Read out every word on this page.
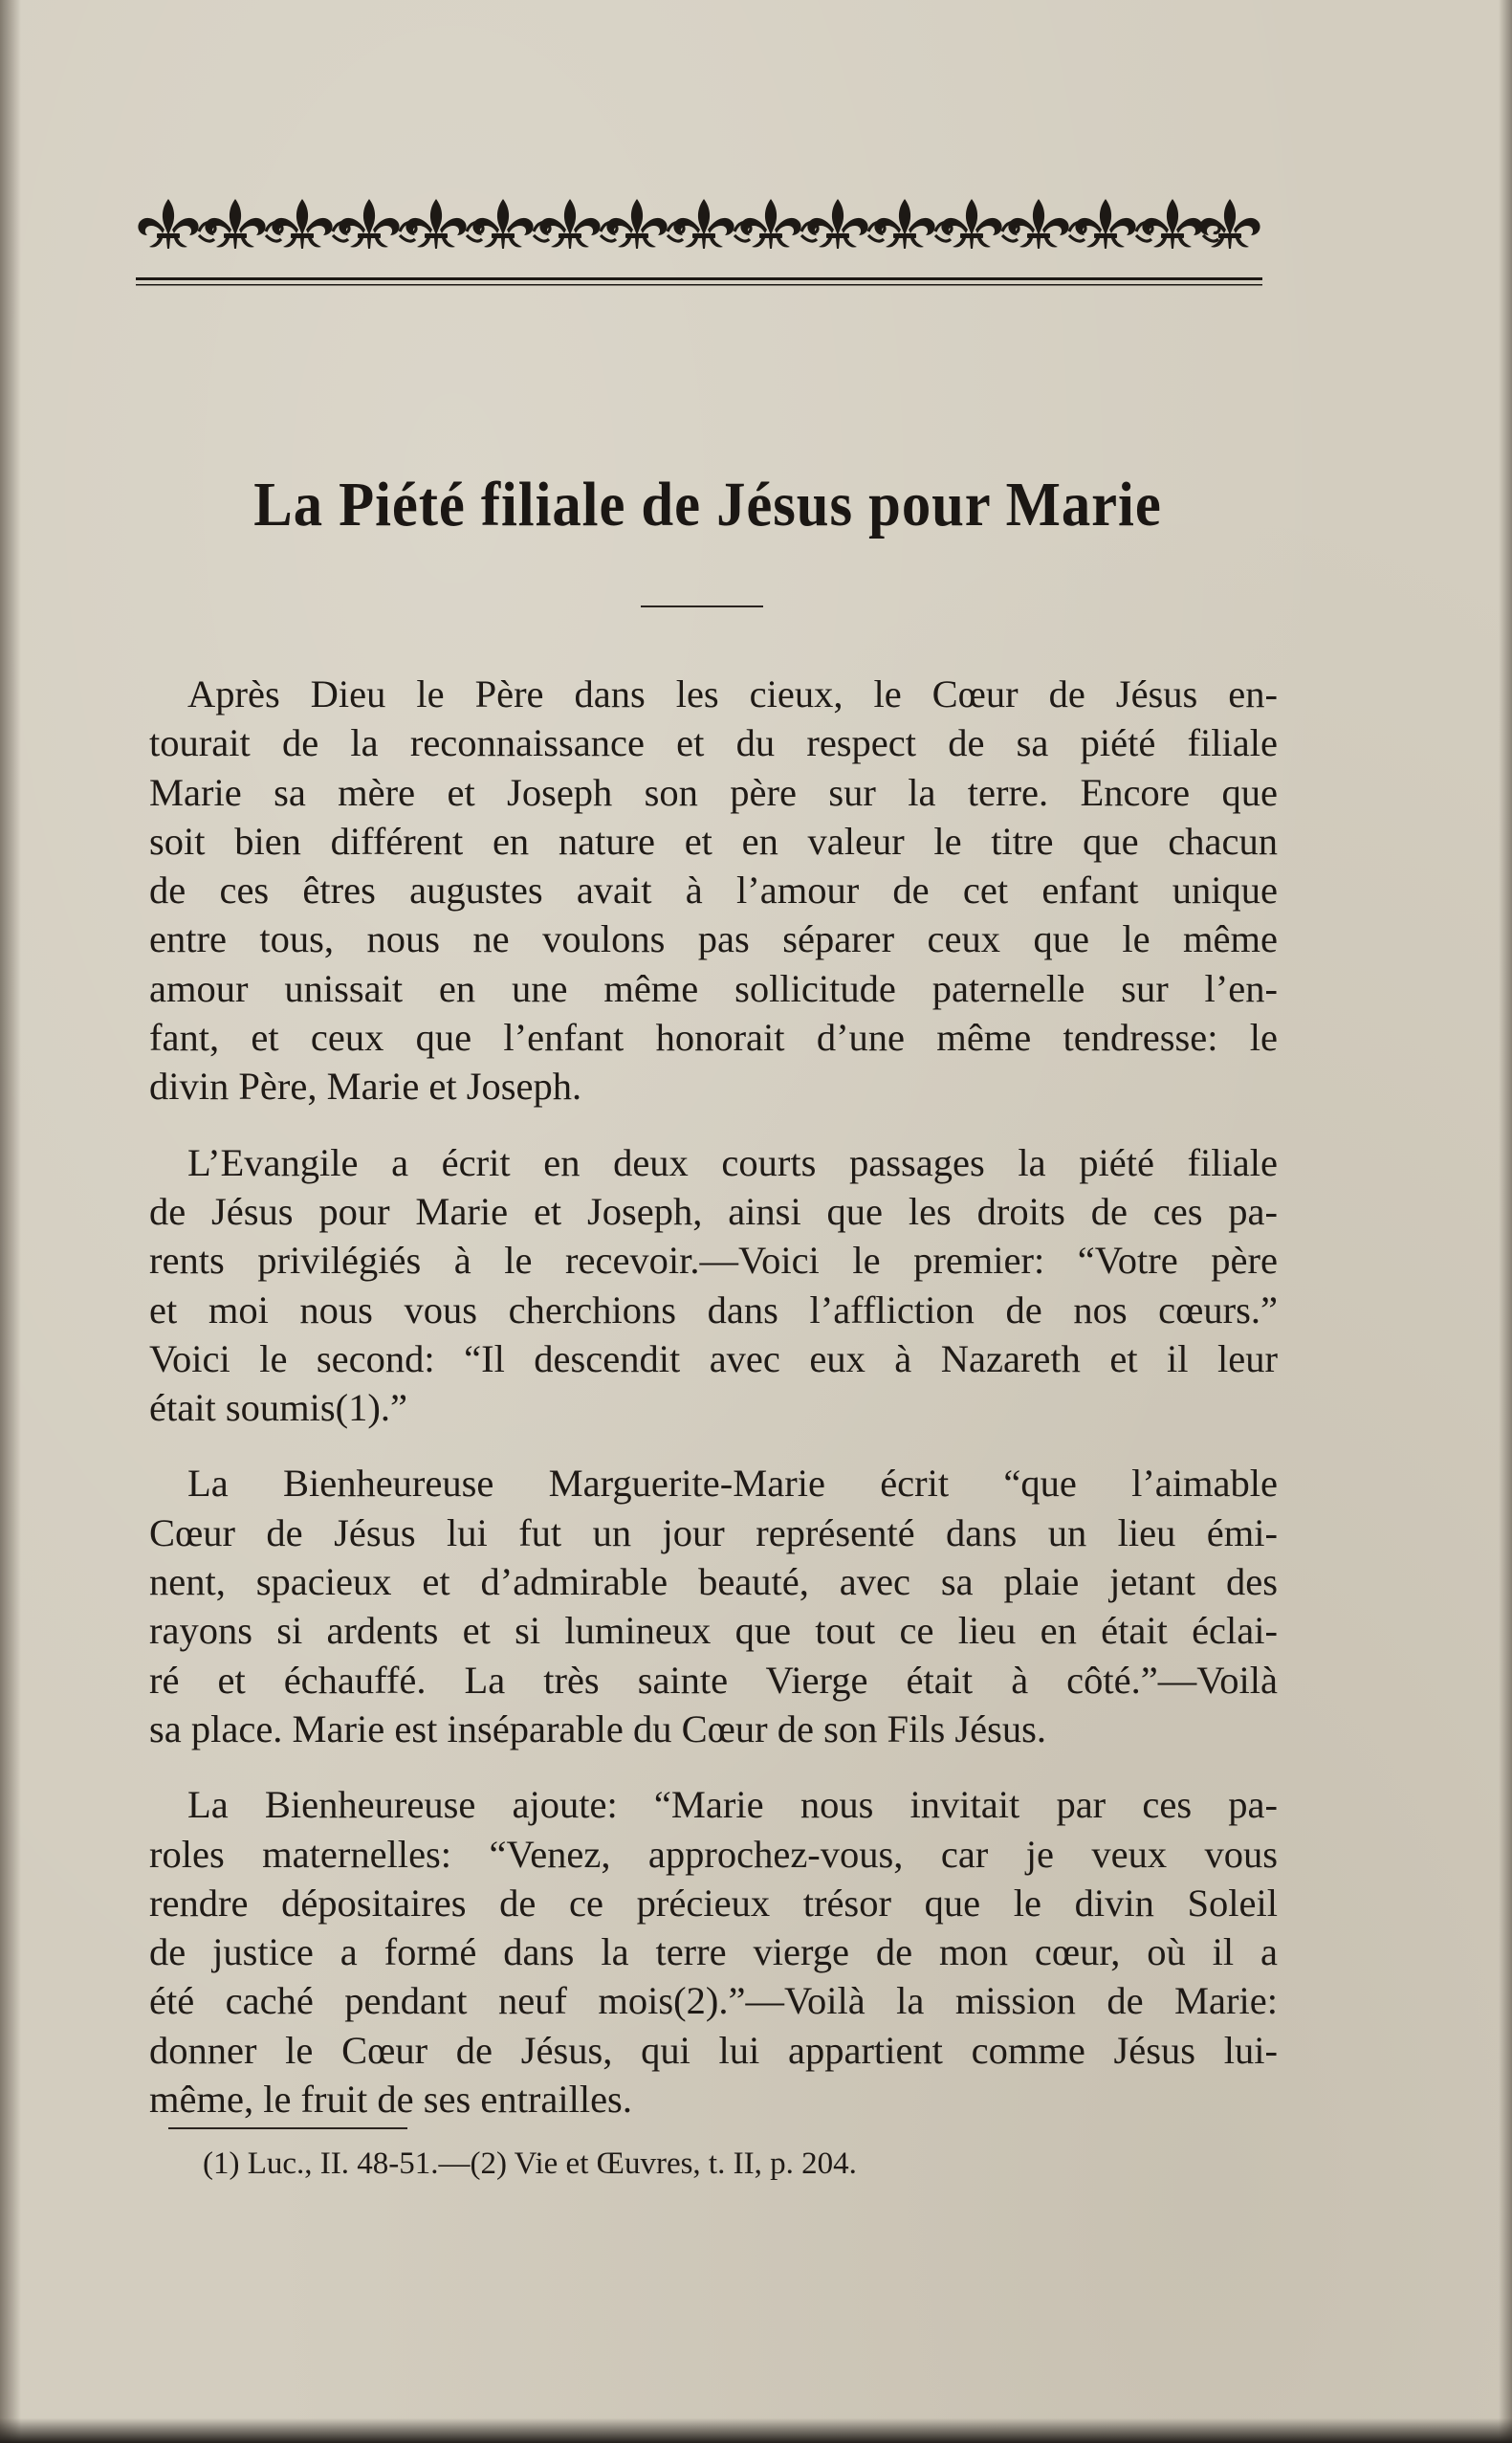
La Piété filiale de Jésus pour Marie
Après Dieu le Père dans les cieux, le Cœur de Jésus en-
tourait de la reconnaissance et du respect de sa piété filiale
Marie sa mère et Joseph son père sur la terre. Encore que
soit bien différent en nature et en valeur le titre que chacun
de ces êtres augustes avait à l’amour de cet enfant unique
entre tous, nous ne voulons pas séparer ceux que le même
amour unissait en une même sollicitude paternelle sur l’en-
fant, et ceux que l’enfant honorait d’une même tendresse: le
divin Père, Marie et Joseph.
L’Evangile a écrit en deux courts passages la piété filiale
de Jésus pour Marie et Joseph, ainsi que les droits de ces pa-
rents privilégiés à le recevoir.—Voici le premier: “Votre père
et moi nous vous cherchions dans l’affliction de nos cœurs.”
Voici le second: “Il descendit avec eux à Nazareth et il leur
était soumis(1).”
La Bienheureuse Marguerite-Marie écrit “que l’aimable
Cœur de Jésus lui fut un jour représenté dans un lieu émi-
nent, spacieux et d’admirable beauté, avec sa plaie jetant des
rayons si ardents et si lumineux que tout ce lieu en était éclai-
ré et échauffé. La très sainte Vierge était à côté.”—Voilà
sa place. Marie est inséparable du Cœur de son Fils Jésus.
La Bienheureuse ajoute: “Marie nous invitait par ces pa-
roles maternelles: “Venez, approchez-vous, car je veux vous
rendre dépositaires de ce précieux trésor que le divin Soleil
de justice a formé dans la terre vierge de mon cœur, où il a
été caché pendant neuf mois(2).”—Voilà la mission de Marie:
donner le Cœur de Jésus, qui lui appartient comme Jésus lui-
même, le fruit de ses entrailles.
(1) Luc., II. 48-51.—(2) Vie et Œuvres, t. II, p. 204.
